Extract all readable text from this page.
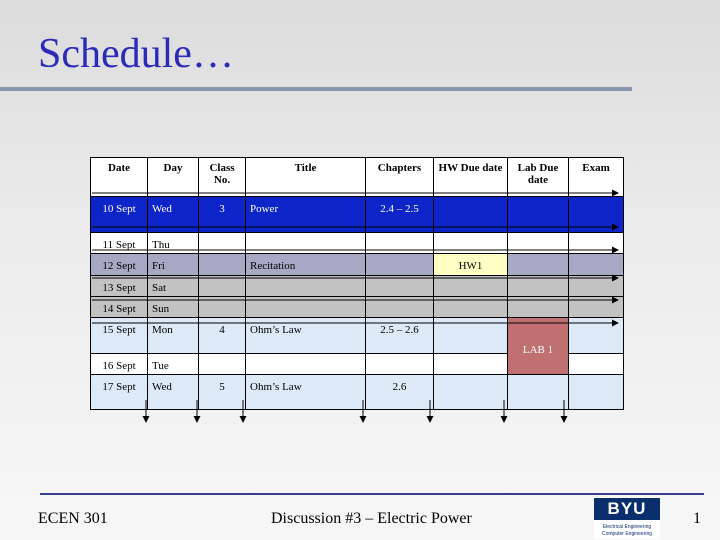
Schedule…
Date	Day	Class No.	Title	Chapters	HW Due date	Lab Due date	Exam
10 Sept	Wed	3	Power	2.4 – 2.5			
11 Sept	Thu						
12 Sept	Fri		Recitation		HW1		
13 Sept	Sat						
14 Sept	Sun						
15 Sept	Mon	4	Ohm’s Law	2.5 – 2.6		LAB 1	
16 Sept	Tue						
17 Sept	Wed	5	Ohm’s Law	2.6			
ECEN 301	Discussion #3 – Electric Power	1
BYU
Electrical Engineering
Computer Engineering
